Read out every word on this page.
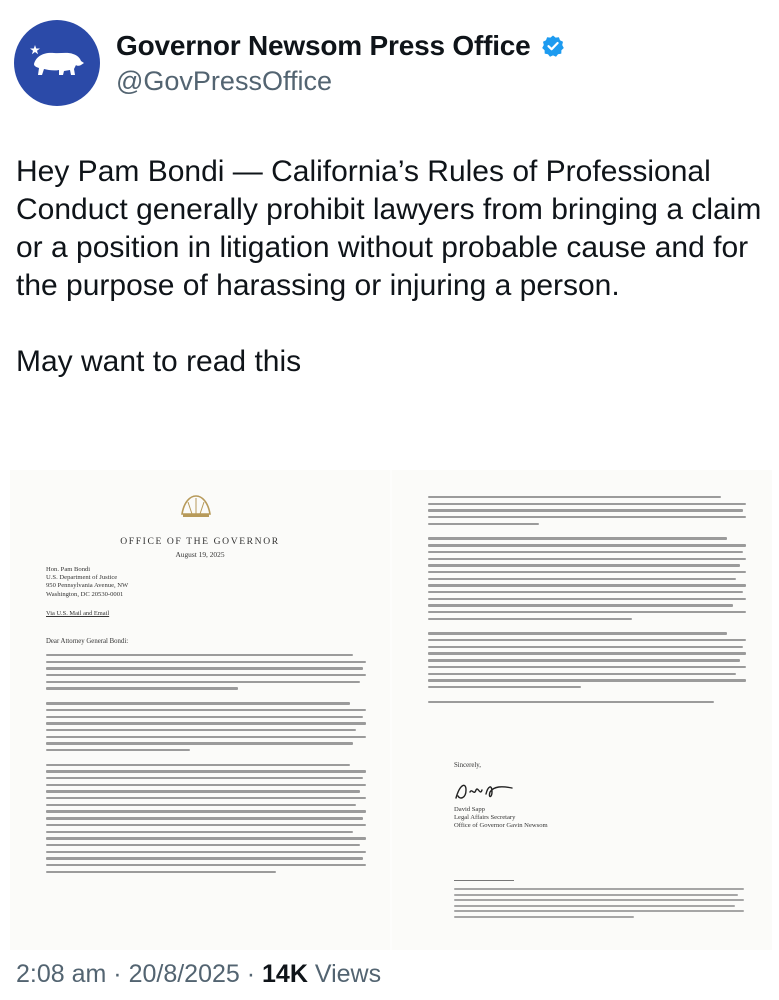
Governor Newsom Press Office
@GovPressOffice

Hey Pam Bondi — California’s Rules of Professional Conduct generally prohibit lawyers from bringing a claim or a position in litigation without probable cause and for the purpose of harassing or injuring a person.

May want to read this

OFFICE OF THE GOVERNOR
August 19, 2025
Hon. Pam Bondi
U.S. Department of Justice
950 Pennsylvania Avenue, NW
Washington, DC 20530-0001
Via U.S. Mail and Email
Dear Attorney General Bondi:
Sincerely,
David Sapp
Legal Affairs Secretary
Office of Governor Gavin Newsom
2:08 am · 20/8/2025 · 14K Views
